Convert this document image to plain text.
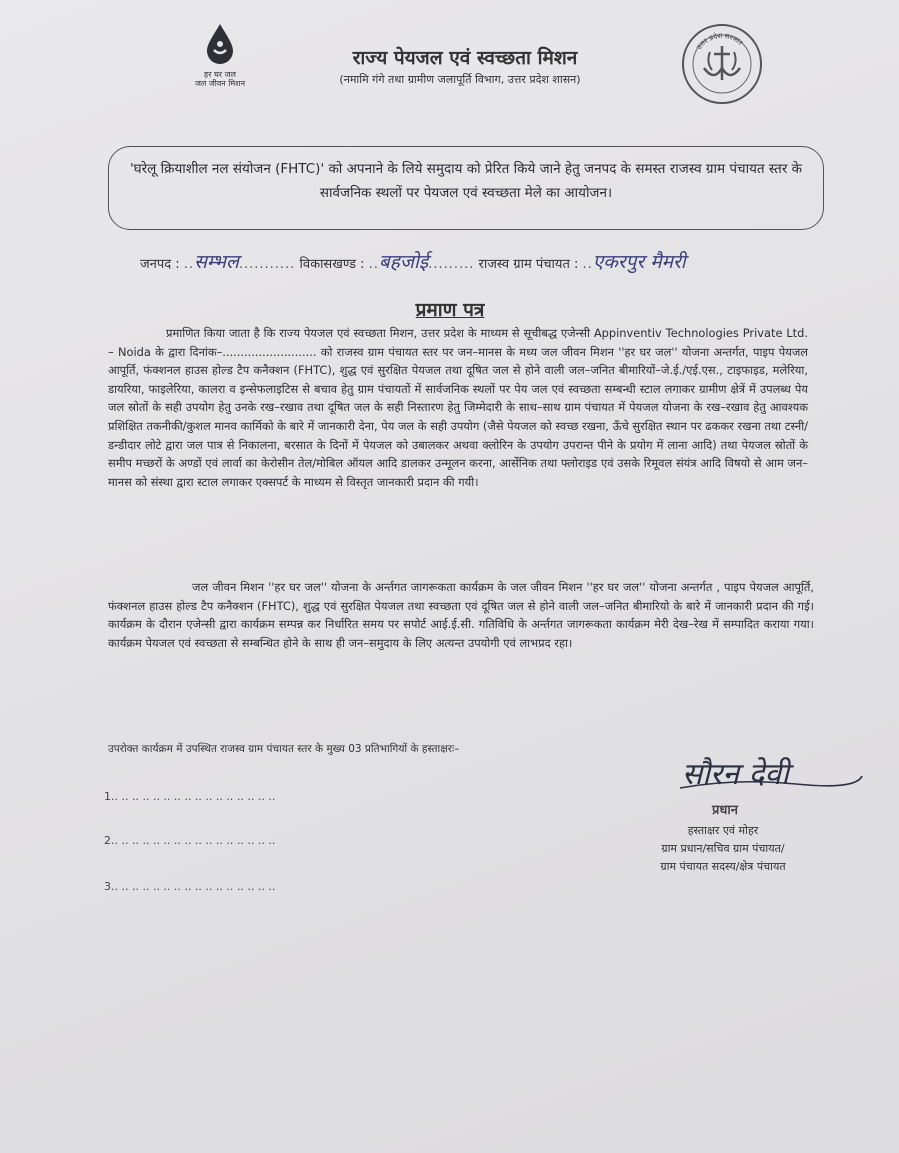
हर घर जल
जल जीवन मिशन
राज्य पेयजल एवं स्वच्छता मिशन
(नमामि गंगे तथा ग्रामीण जलापूर्ति विभाग, उत्तर प्रदेश शासन)
उत्तर प्रदेश सरकार
'घरेलू क्रियाशील नल संयोजन (FHTC)' को अपनाने के लिये समुदाय को प्रेरित किये जाने हेतु जनपद के समस्त राजस्व ग्राम पंचायत स्तर के सार्वजनिक स्थलों पर पेयजल एवं स्वच्छता मेले का आयोजन।
जनपद : ..सम्भल........... विकासखण्ड : ..बहजोई......... राजस्व ग्राम पंचायत : ..एकरपुर मैमरी
प्रमाण पत्र
प्रमाणित किया जाता है कि राज्य पेयजल एवं स्वच्छता मिशन, उत्तर प्रदेश के माध्यम से सूचीबद्ध एजेन्सी Appinventiv Technologies Private Ltd. – Noida के द्वारा दिनांक–.......................... को राजस्व ग्राम पंचायत स्तर पर जन–मानस के मध्य जल जीवन मिशन ''हर घर जल'' योजना अन्तर्गत, पाइप पेयजल आपूर्ति, फंक्शनल हाउस होल्ड टैप कनैक्शन (FHTC), शुद्ध एवं सुरक्षित पेयजल तथा दूषित जल से होने वाली जल–जनित बीमारियों–जे.ई./एई.एस., टाइफाइड, मलेरिया, डायरिया, फाइलेरिया, कालरा व इन्सेफलाइटिस से बचाव हेतु ग्राम पंचायतों में सार्वजनिक स्थलों पर पेय जल एवं स्वच्छता सम्बन्धी स्टाल लगाकर ग्रामीण क्षेत्रें में उपलब्ध पेय जल स्रोतों के सही उपयोग हेतु उनके रख–रखाव तथा दूषित जल के सही निस्तारण हेतु जिम्मेदारी के साथ–साथ ग्राम पंचायत में पेयजल योजना के रख–रखाव हेतु आवश्यक प्रशिक्षित तकनीकी/कुशल मानव कार्मिको के बारे में जानकारी देना, पेय जल के सही उपयोग (जैसे पेयजल को स्वच्छ रखना, ऊँचे सुरक्षित स्थान पर ढककर रखना तथा टस्नी/डन्डीदार लोटे द्वारा जल पात्र से निकालना, बरसात के दिनों में पेयजल को उबालकर अथवा क्लोरिन के उपयोग उपरान्त पीने के प्रयोग में लाना आदि) तथा पेयजल स्रोतों के समीप मच्छरों के अण्डों एवं लार्वा का केरोसीन तेल/मोबिल ऑयल आदि डालकर उन्मूलन करना, आर्सेनिक तथा फ्लोराइड एवं उसके रिमूवल संयंत्र आदि विषयो से आम जन–मानस को संस्था द्वारा स्टाल लगाकर एक्सपर्ट के माध्यम से विस्तृत जानकारी प्रदान की गयी।
जल जीवन मिशन ''हर घर जल'' योजना के अर्न्तगत जागरूकता कार्यक्रम के जल जीवन मिशन ''हर घर जल'' योजना अन्तर्गत , पाइप पेयजल आपूर्ति, फंक्शनल हाउस होल्ड टैप कनैक्शन (FHTC), शुद्ध एवं सुरक्षित पेयजल तथा स्वच्छता एवं दूषित जल से होने वाली जल–जनित बीमारियो के बारे में जानकारी प्रदान की गई। कार्यक्रम के दौरान एजेन्सी द्वारा कार्यक्रम सम्पन्न कर निर्धारित समय पर सपोर्ट आई.ई.सी. गतिविधि के अर्न्तगत जागरूकता कार्यक्रम मेरी देख–रेख में सम्पादित कराया गया। कार्यक्रम पेयजल एवं स्वच्छता से सम्बन्धित होने के साथ ही जन–समुदाय के लिए अत्यन्त उपयोगी एवं लाभप्रद रहा।
उपरोक्त कार्यक्रम में उपस्थित राजस्व ग्राम पंचायत स्तर के मुख्य 03 प्रतिभागियों के हस्ताक्षरः–
1.. .. .. .. .. .. .. .. .. .. .. .. .. .. .. ..
2.. .. .. .. .. .. .. .. .. .. .. .. .. .. .. ..
3.. .. .. .. .. .. .. .. .. .. .. .. .. .. .. ..
सौरन देवी
प्रधान
हस्ताक्षर एवं मोहर
ग्राम प्रधान/सचिव ग्राम पंचायत/
ग्राम पंचायत सदस्य/क्षेत्र पंचायत
